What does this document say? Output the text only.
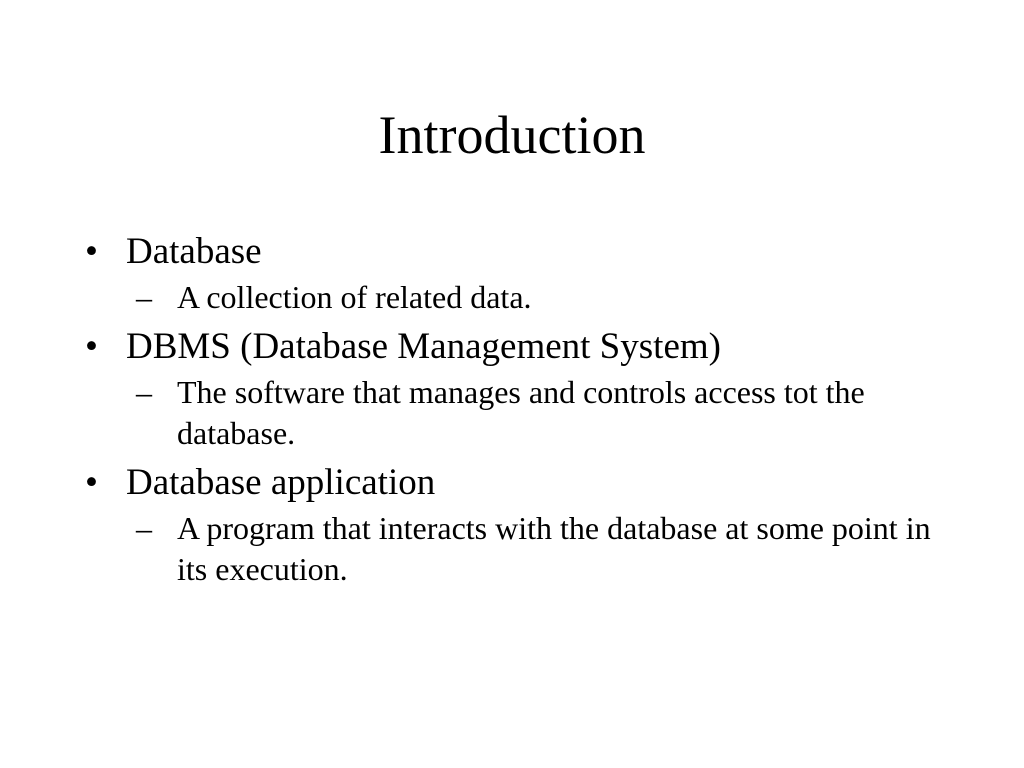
Introduction
• Database
– A collection of related data.
• DBMS (Database Management System)
– The software that manages and controls access tot the database.
• Database application
– A program that interacts with the database at some point in its execution.
